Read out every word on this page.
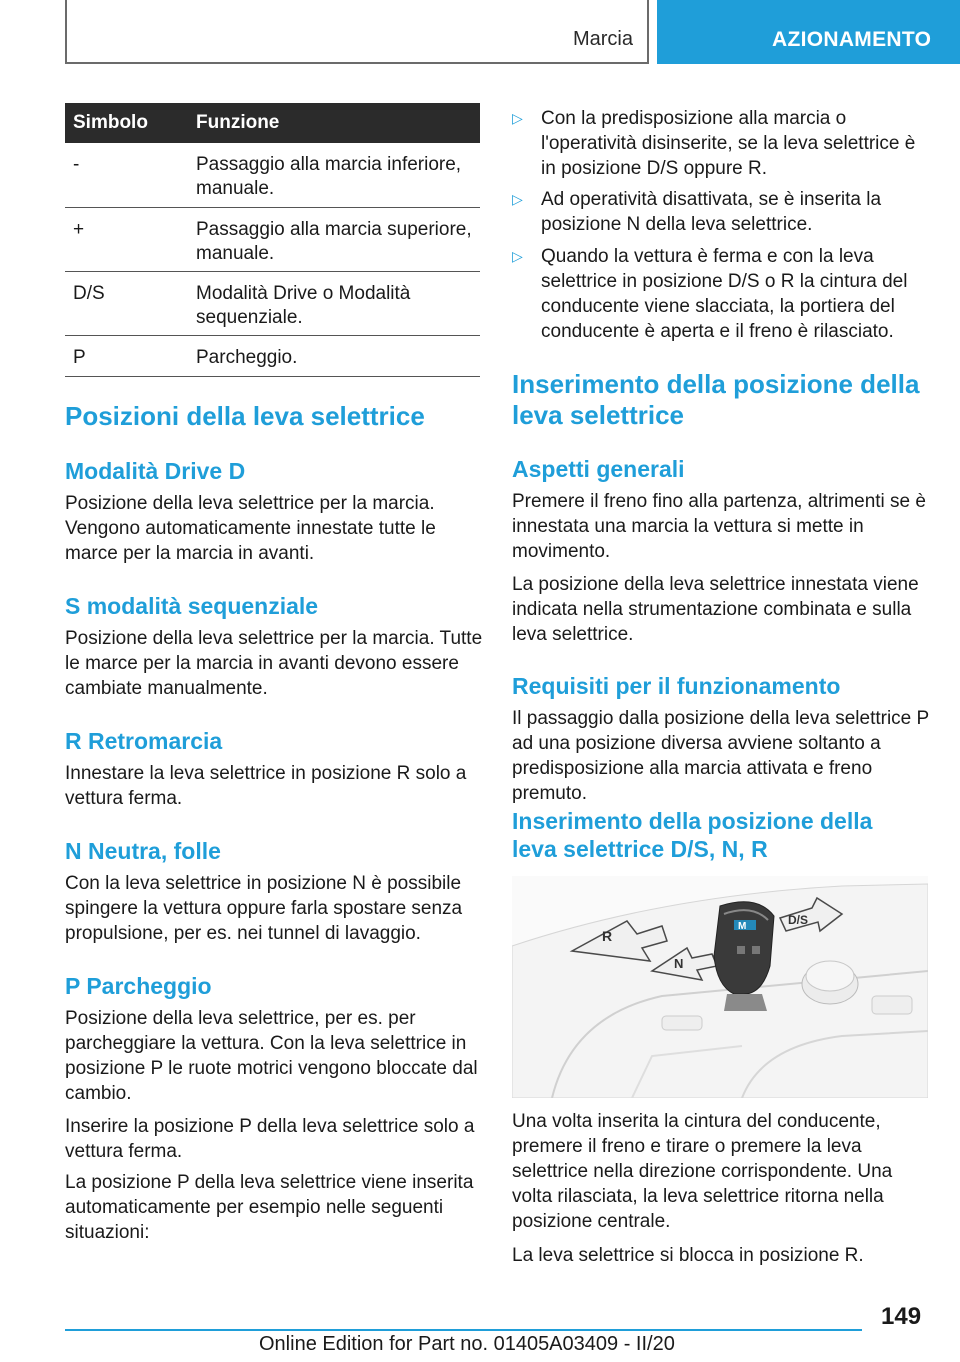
Marcia	AZIONAMENTO
Simbolo	Funzione
-	Passaggio alla marcia inferiore, manuale.
+	Passaggio alla marcia superiore, manuale.
D/S	Modalità Drive o Modalità sequenziale.
P	Parcheggio.
Posizioni della leva selettrice
Modalità Drive D

Posizione della leva selettrice per la marcia. Vengono automaticamente innestate tutte le marce per la marcia in avanti.

S modalità sequenziale

Posizione della leva selettrice per la marcia. Tutte le marce per la marcia in avanti devono essere cambiate manualmente.

R Retromarcia

Innestare la leva selettrice in posizione R solo a vettura ferma.

N Neutra, folle

Con la leva selettrice in posizione N è possibile spingere la vettura oppure farla spostare senza propulsione, per es. nei tunnel di lavaggio.

P Parcheggio

Posizione della leva selettrice, per es. per parcheggiare la vettura. Con la leva selettrice in posizione P le ruote motrici vengono bloccate dal cambio.

Inserire la posizione P della leva selettrice solo a vettura ferma.

La posizione P della leva selettrice viene inserita automaticamente per esempio nelle seguenti situazioni:

▷ Con la predisposizione alla marcia o l'operatività disinserite, se la leva selettrice è in posizione D/S oppure R.
▷ Ad operatività disattivata, se è inserita la posizione N della leva selettrice.
▷ Quando la vettura è ferma e con la leva selettrice in posizione D/S o R la cintura del conducente viene slacciata, la portiera del conducente è aperta e il freno è rilasciato.
Inserimento della posizione della leva selettrice
Aspetti generali

Premere il freno fino alla partenza, altrimenti se è innestata una marcia la vettura si mette in movimento.

La posizione della leva selettrice innestata viene indicata nella strumentazione combinata e sulla leva selettrice.

Requisiti per il funzionamento

Il passaggio dalla posizione della leva selettrice P ad una posizione diversa avviene soltanto a predisposizione alla marcia attivata e freno premuto.

Inserimento della posizione della leva selettrice D/S, N, R
R
N
D/S
M

Una volta inserita la cintura del conducente, premere il freno e tirare o premere la leva selettrice nella direzione corrispondente. Una volta rilasciata, la leva selettrice ritorna nella posizione centrale.

La leva selettrice si blocca in posizione R.

149
Online Edition for Part no. 01405A03409 - II/20
